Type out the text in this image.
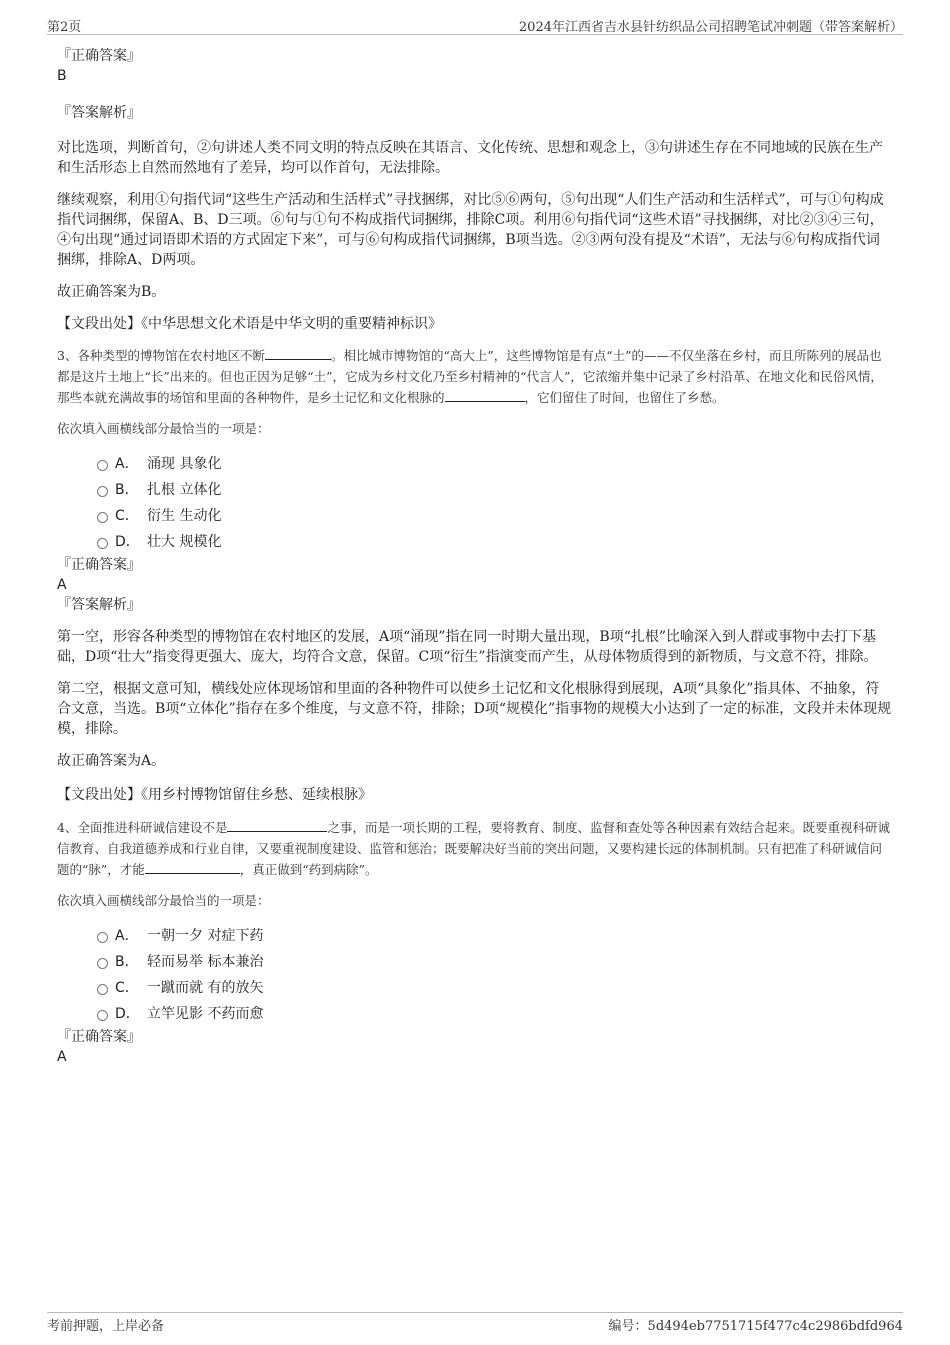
第2页	2024年江西省吉水县针纺织品公司招聘笔试冲刺题（带答案解析）

『正确答案』

B

『答案解析』

对比选项，判断首句，②句讲述人类不同文明的特点反映在其语言、文化传统、思想和观念上，③句讲述生存在不同地域的民族在生产和生活形态上自然而然地有了差异，均可以作首句，无法排除。

继续观察，利用①句指代词“这些生产活动和生活样式”寻找捆绑，对比⑤⑥两句，⑤句出现“人们生产活动和生活样式”，可与①句构成指代词捆绑，保留A、B、D三项。⑥句与①句不构成指代词捆绑，排除C项。利用⑥句指代词“这些术语”寻找捆绑，对比②③④三句，④句出现“通过词语即术语的方式固定下来”，可与⑥句构成指代词捆绑，B项当选。②③两句没有提及“术语”，无法与⑥句构成指代词捆绑，排除A、D两项。

故正确答案为B。

【文段出处】《中华思想文化术语是中华文明的重要精神标识》

3、各种类型的博物馆在农村地区不断	。相比城市博物馆的“高大上”，这些博物馆是有点“土”的——不仅坐落在乡村，而且所陈列的展品也都是这片土地上“长”出来的。但也正因为足够“土”，它成为乡村文化乃至乡村精神的“代言人”，它浓缩并集中记录了乡村沿革、在地文化和民俗风情，那些本就充满故事的场馆和里面的各种物件，是乡土记忆和文化根脉的	，它们留住了时间，也留住了乡愁。

依次填入画横线部分最恰当的一项是：

A． 涌现 具象化
B． 扎根 立体化
C． 衍生 生动化
D． 壮大 规模化

『正确答案』

A

『答案解析』

第一空，形容各种类型的博物馆在农村地区的发展，A项“涌现”指在同一时期大量出现，B项“扎根”比喻深入到人群或事物中去打下基础，D项“壮大”指变得更强大、庞大，均符合文意，保留。C项“衍生”指演变而产生，从母体物质得到的新物质，与文意不符，排除。

第二空，根据文意可知，横线处应体现场馆和里面的各种物件可以使乡土记忆和文化根脉得到展现，A项“具象化”指具体、不抽象，符合文意，当选。B项“立体化”指存在多个维度，与文意不符，排除；D项“规模化”指事物的规模大小达到了一定的标准，文段并未体现规模，排除。

故正确答案为A。

【文段出处】《用乡村博物馆留住乡愁、延续根脉》

4、全面推进科研诚信建设不是	之事，而是一项长期的工程，要将教育、制度、监督和查处等各种因素有效结合起来。既要重视科研诚信教育、自我道德养成和行业自律，又要重视制度建设、监管和惩治；既要解决好当前的突出问题，又要构建长远的体制机制。只有把准了科研诚信问题的“脉”，才能	，真正做到“药到病除”。

依次填入画横线部分最恰当的一项是：

A． 一朝一夕 对症下药
B． 轻而易举 标本兼治
C． 一蹴而就 有的放矢
D． 立竿见影 不药而愈

『正确答案』

A

考前押题，上岸必备	编号：5d494eb7751715f477c4c2986bdfd964
